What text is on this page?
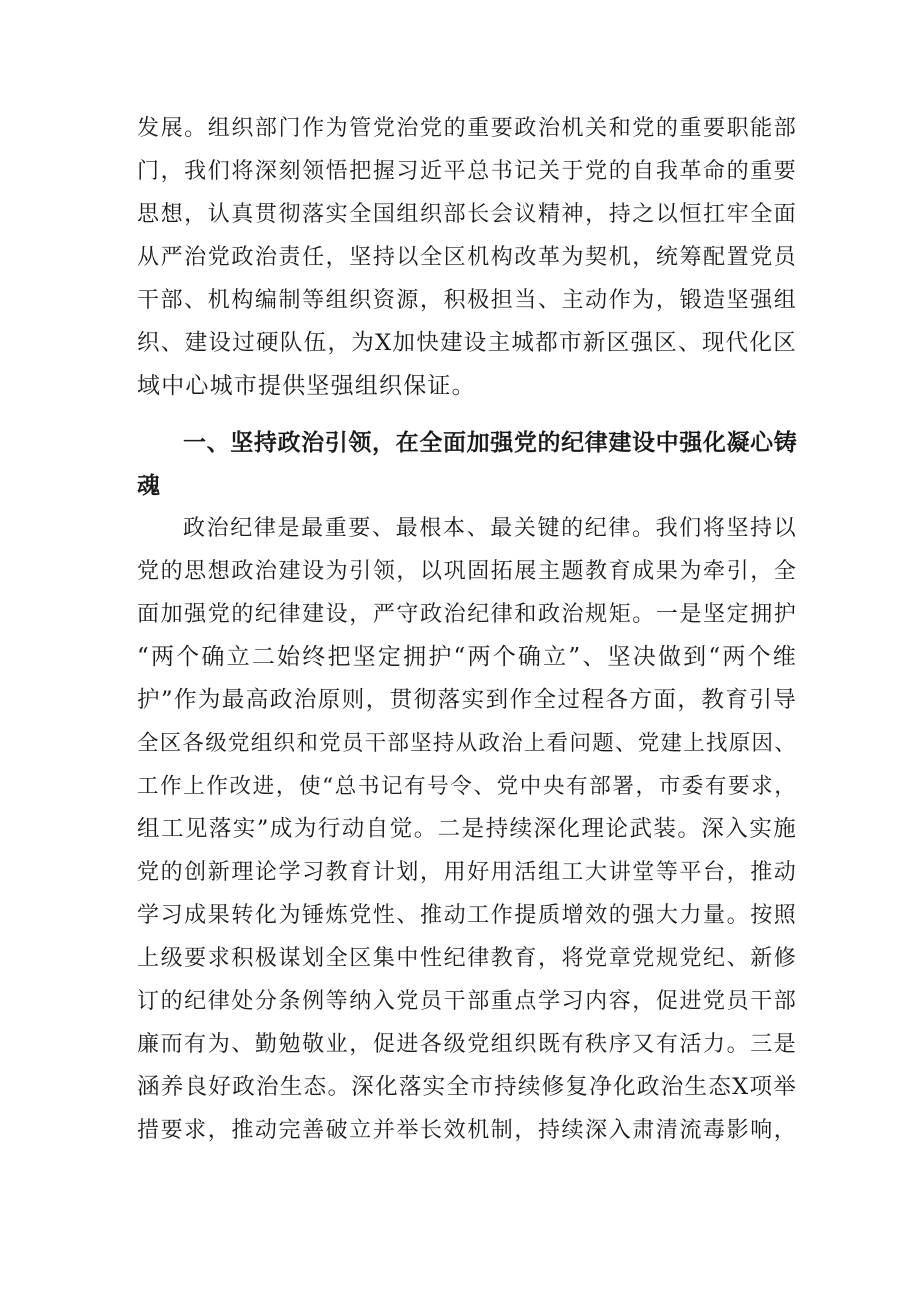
发展。组织部门作为管党治党的重要政治机关和党的重要职能部
门，我们将深刻领悟把握习近平总书记关于党的自我革命的重要
思想，认真贯彻落实全国组织部长会议精神，持之以恒扛牢全面
从严治党政治责任，坚持以全区机构改革为契机，统筹配置党员
干部、机构编制等组织资源，积极担当、主动作为，锻造坚强组
织、建设过硬队伍，为X加快建设主城都市新区强区、现代化区
域中心城市提供坚强组织保证。
一、坚持政治引领，在全面加强党的纪律建设中强化凝心铸
魂
政治纪律是最重要、最根本、最关键的纪律。我们将坚持以
党的思想政治建设为引领，以巩固拓展主题教育成果为牵引，全
面加强党的纪律建设，严守政治纪律和政治规矩。一是坚定拥护
“两个确立二始终把坚定拥护“两个确立”、坚决做到“两个维
护”作为最高政治原则，贯彻落实到作全过程各方面，教育引导
全区各级党组织和党员干部坚持从政治上看问题、党建上找原因、
工作上作改进，使“总书记有号令、党中央有部署，市委有要求，
组工见落实”成为行动自觉。二是持续深化理论武装。深入实施
党的创新理论学习教育计划，用好用活组工大讲堂等平台，推动
学习成果转化为锤炼党性、推动工作提质增效的强大力量。按照
上级要求积极谋划全区集中性纪律教育，将党章党规党纪、新修
订的纪律处分条例等纳入党员干部重点学习内容，促进党员干部
廉而有为、勤勉敬业，促进各级党组织既有秩序又有活力。三是
涵养良好政治生态。深化落实全市持续修复净化政治生态X项举
措要求，推动完善破立并举长效机制，持续深入肃清流毒影响，
